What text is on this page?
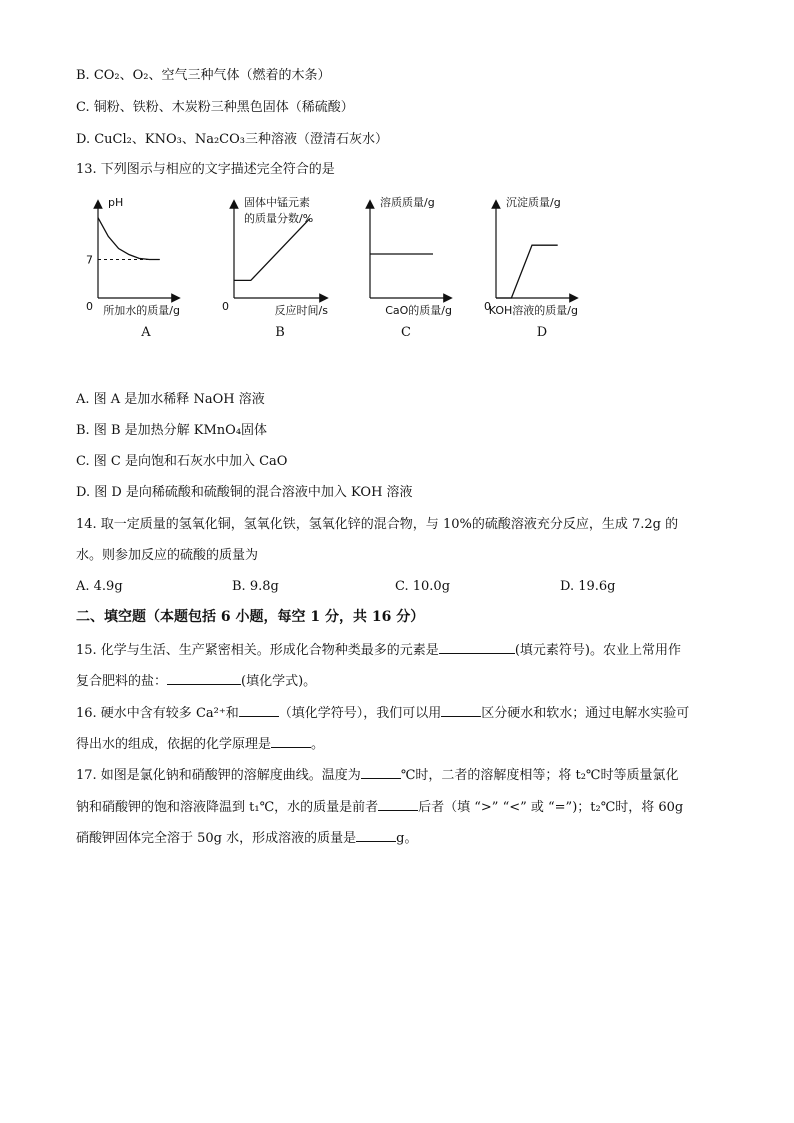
B. CO₂、O₂、空气三种气体（燃着的木条）
C. 铜粉、铁粉、木炭粉三种黑色固体（稀硫酸）
D. CuCl₂、KNO₃、Na₂CO₃三种溶液（澄清石灰水）
13. 下列图示与相应的文字描述完全符合的是
pH
所加水的质量/g
0
A
7
固体中锰元素
的质量分数/%
反应时间/s
0
B
溶质质量/g
CaO的质量/g
C
沉淀质量/g
KOH溶液的质量/g
0
D
A. 图 A 是加水稀释 NaOH 溶液
B. 图 B 是加热分解 KMnO₄固体
C. 图 C 是向饱和石灰水中加入 CaO
D. 图 D 是向稀硫酸和硫酸铜的混合溶液中加入 KOH 溶液
14. 取一定质量的氢氧化铜，氢氧化铁，氢氧化锌的混合物，与 10%的硫酸溶液充分反应，生成 7.2g 的
水。则参加反应的硫酸的质量为
A. 4.9g	B. 9.8g	C. 10.0g	D. 19.6g
二、填空题（本题包括 6 小题，每空 1 分，共 16 分）
15. 化学与生活、生产紧密相关。形成化合物种类最多的元素是	(填元素符号)。农业上常用作
复合肥料的盐：	(填化学式)。
16. 硬水中含有较多 Ca²⁺和	（填化学符号），我们可以用	区分硬水和软水；通过电解水实验可
得出水的组成，依据的化学原理是	。
17. 如图是氯化钠和硝酸钾的溶解度曲线。温度为	℃时，二者的溶解度相等；将 t₂℃时等质量氯化
钠和硝酸钾的饱和溶液降温到 t₁℃，水的质量是前者	后者（填 “>” “<” 或 “=”)；t₂℃时，将 60g
硝酸钾固体完全溶于 50g 水，形成溶液的质量是	g。
